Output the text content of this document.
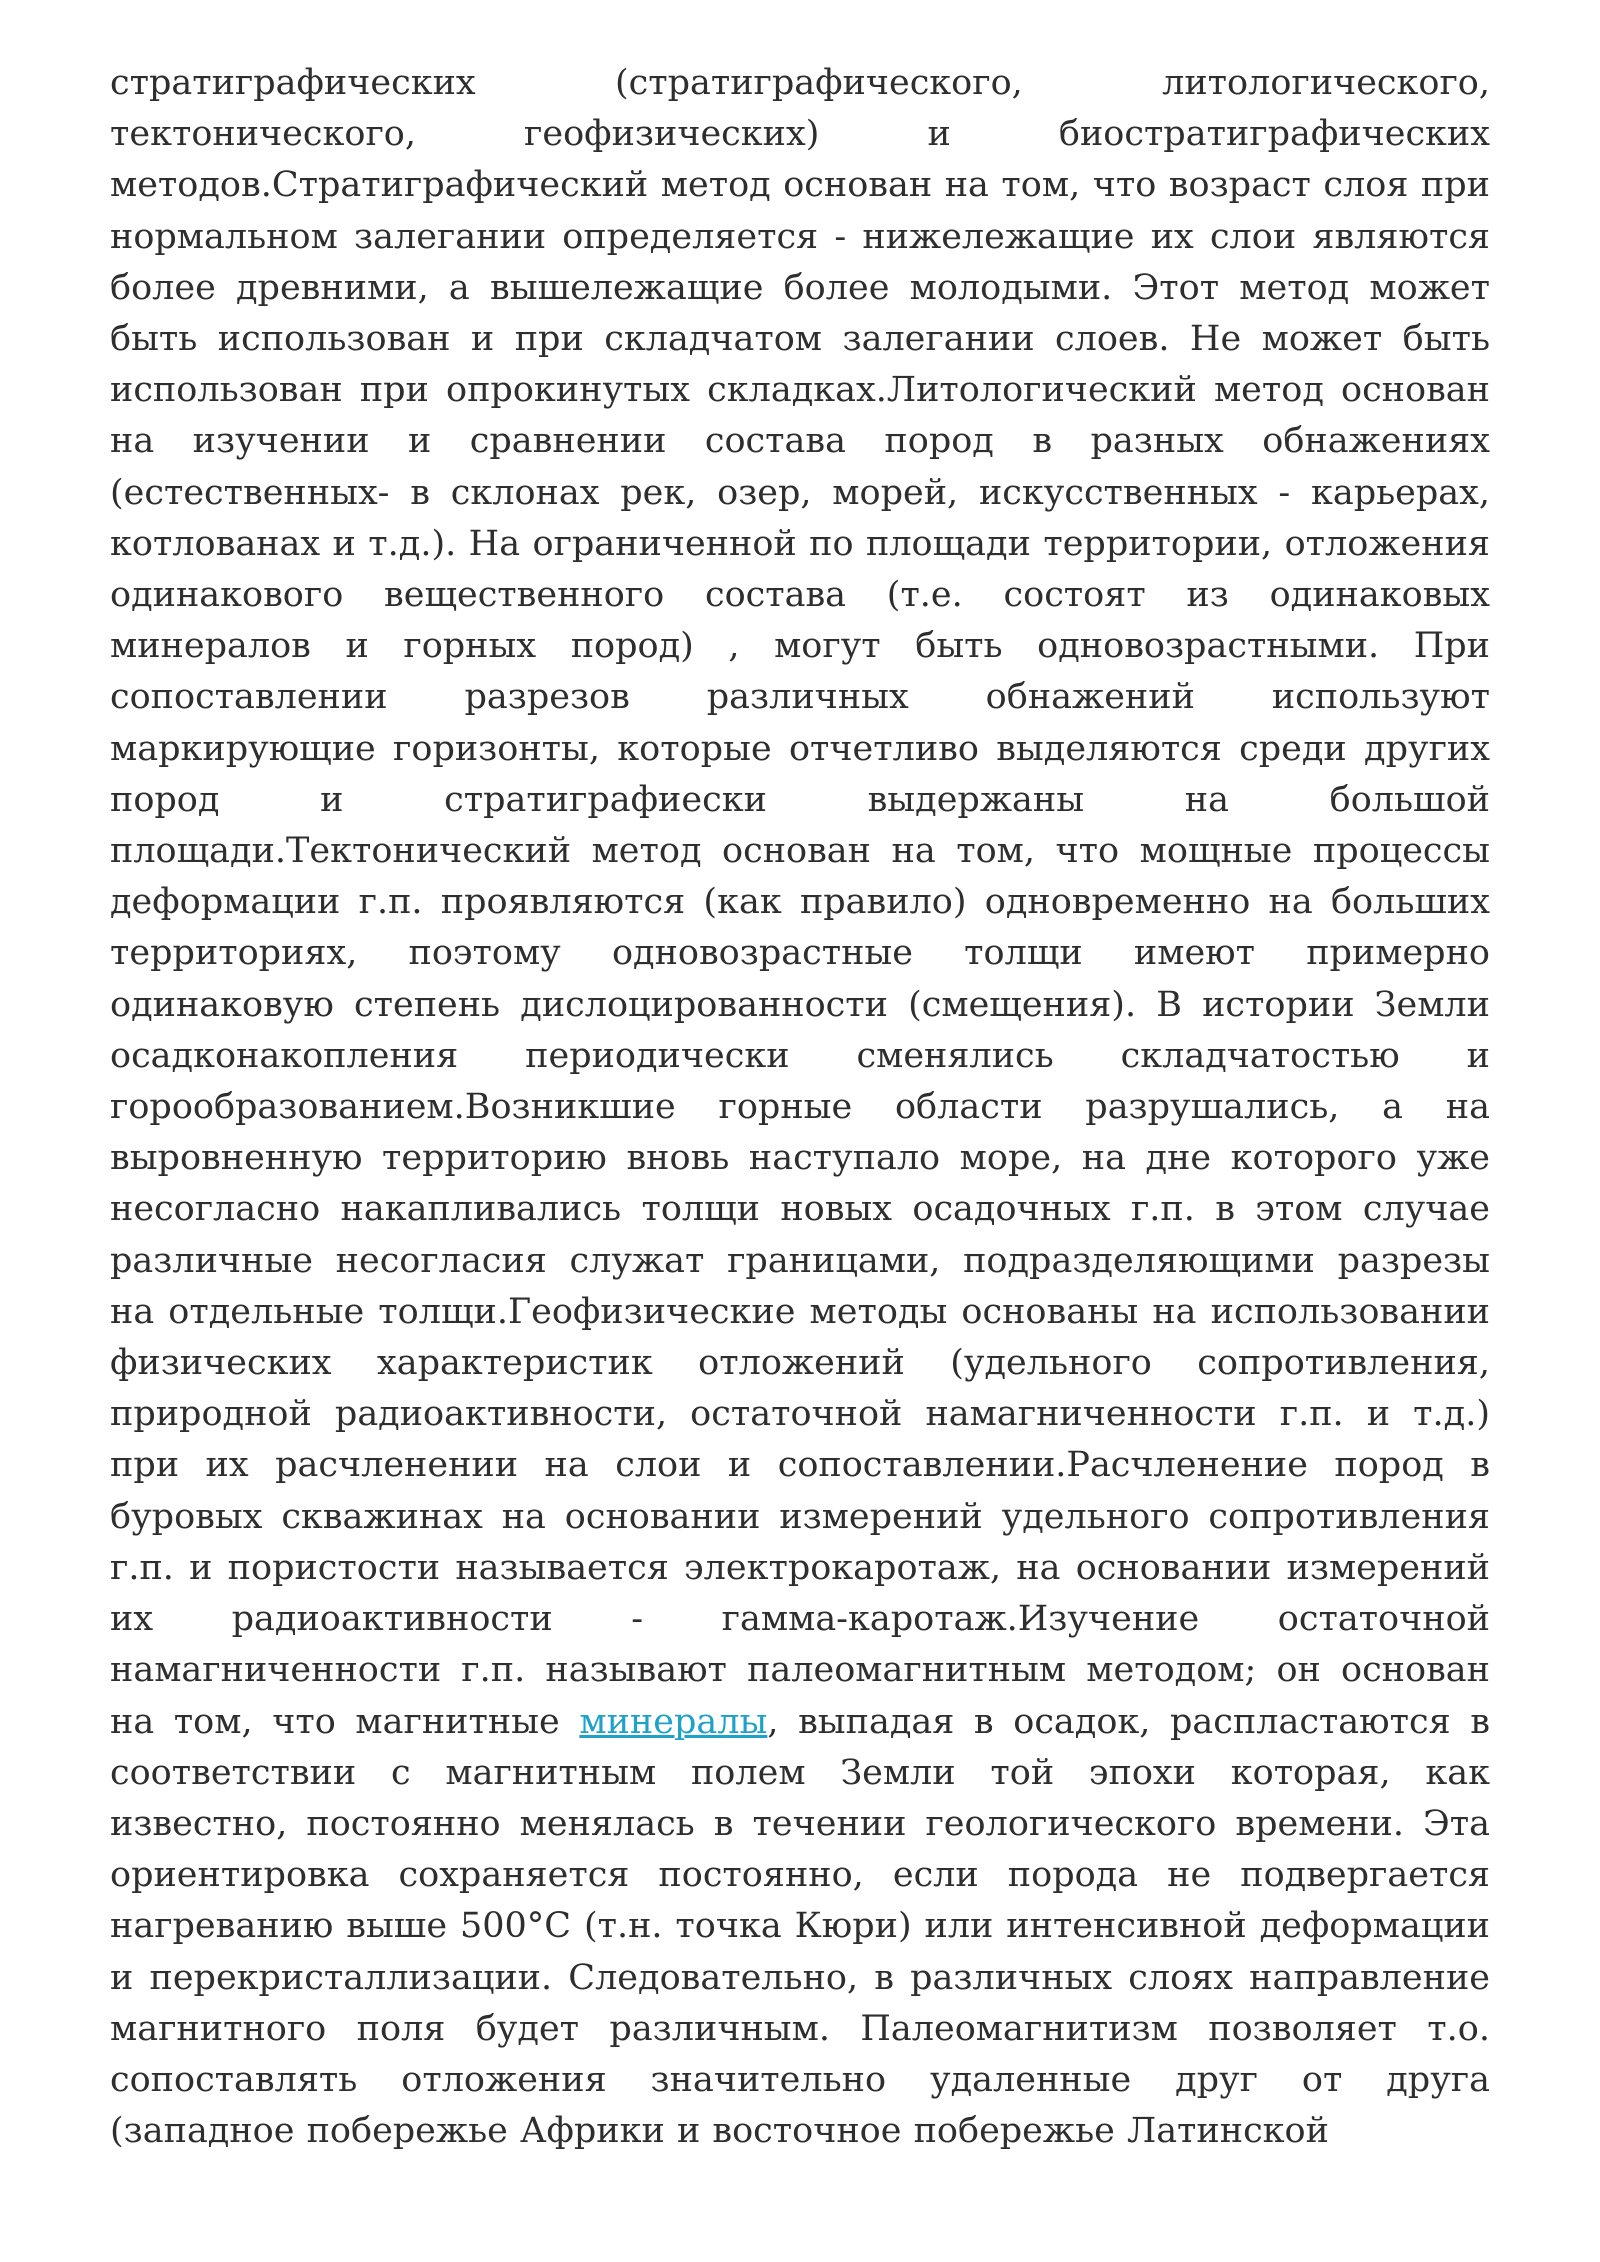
стратиграфических (стратиграфического, литологического, тектонического, геофизических) и биостратиграфических методов.Стратиграфический метод основан на том, что возраст слоя при нормальном залегании определяется - нижележащие их слои являются более древними, а вышележащие более молодыми. Этот метод может быть использован и при складчатом залегании слоев. Не может быть использован при опрокинутых складках.Литологический метод основан на изучении и сравнении состава пород в разных обнажениях (естественных- в склонах рек, озер, морей, искусственных - карьерах, котлованах и т.д.). На ограниченной по площади территории, отложения одинакового вещественного состава (т.е. состоят из одинаковых минералов и горных пород) , могут быть одновозрастными. При сопоставлении разрезов различных обнажений используют маркирующие горизонты, которые отчетливо выделяются среди других пород и стратиграфиески выдержаны на большой площади.Тектонический метод основан на том, что мощные процессы деформации г.п. проявляются (как правило) одновременно на больших территориях, поэтому одновозрастные толщи имеют примерно одинаковую степень дислоцированности (смещения). В истории Земли осадконакопления периодически сменялись складчатостью и горообразованием.Возникшие горные области разрушались, а на выровненную территорию вновь наступало море, на дне которого уже несогласно накапливались толщи новых осадочных г.п. в этом случае различные несогласия служат границами, подразделяющими разрезы на отдельные толщи.Геофизические методы основаны на использовании физических характеристик отложений (удельного сопротивления, природной радиоактивности, остаточной намагниченности г.п. и т.д.) при их расчленении на слои и сопоставлении.Расчленение пород в буровых скважинах на основании измерений удельного сопротивления г.п. и пористости называется электрокаротаж, на основании измерений их радиоактивности - гамма-каротаж.Изучение остаточной намагниченности г.п. называют палеомагнитным методом; он основан на том, что магнитные минералы, выпадая в осадок, распластаются в соответствии с магнитным полем Земли той эпохи которая, как известно, постоянно менялась в течении геологического времени. Эта ориентировка сохраняется постоянно, если порода не подвергается нагреванию выше 500°C (т.н. точка Кюри) или интенсивной деформации и перекристаллизации. Следовательно, в различных слоях направление магнитного поля будет различным. Палеомагнитизм позволяет т.о. сопоставлять отложения значительно удаленные друг от друга (западное побережье Африки и восточное побережье Латинской
